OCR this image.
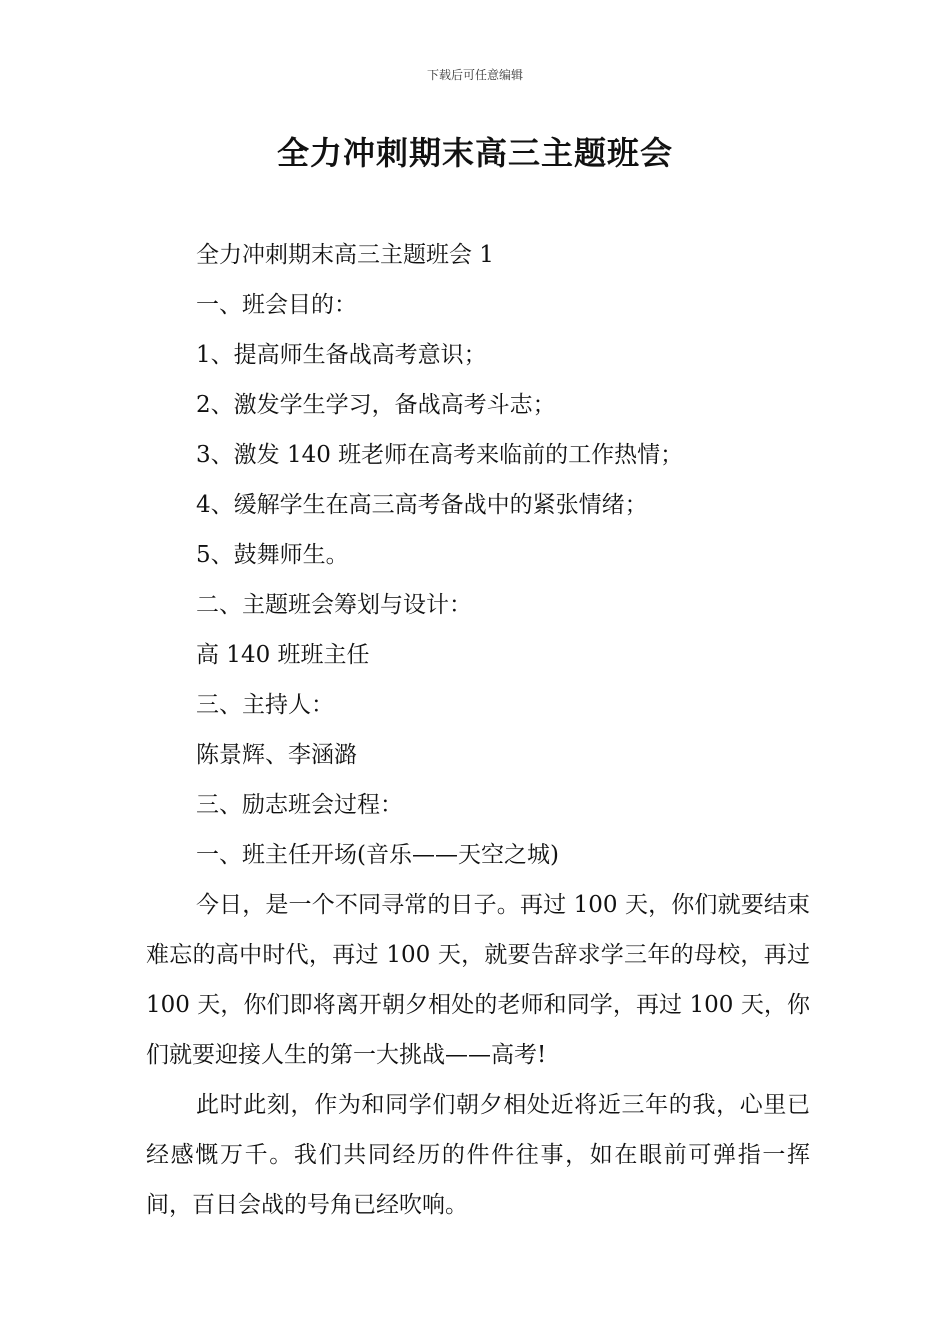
下载后可任意编辑
全力冲刺期末高三主题班会

全力冲刺期末高三主题班会 1

一、班会目的：

1、提高师生备战高考意识；

2、激发学生学习，备战高考斗志；

3、激发 140 班老师在高考来临前的工作热情；

4、缓解学生在高三高考备战中的紧张情绪；

5、鼓舞师生。

二、主题班会筹划与设计：

高 140 班班主任

三、主持人：

陈景辉、李涵潞

三、励志班会过程：

一、班主任开场(音乐——天空之城)

今日，是一个不同寻常的日子。再过 100 天，你们就要结束难忘的高中时代，再过 100 天，就要告辞求学三年的母校，再过 100 天，你们即将离开朝夕相处的老师和同学，再过 100 天，你们就要迎接人生的第一大挑战——高考!

此时此刻，作为和同学们朝夕相处近将近三年的我，心里已经感慨万千。我们共同经历的件件往事，如在眼前可弹指一挥间，百日会战的号角已经吹响。
